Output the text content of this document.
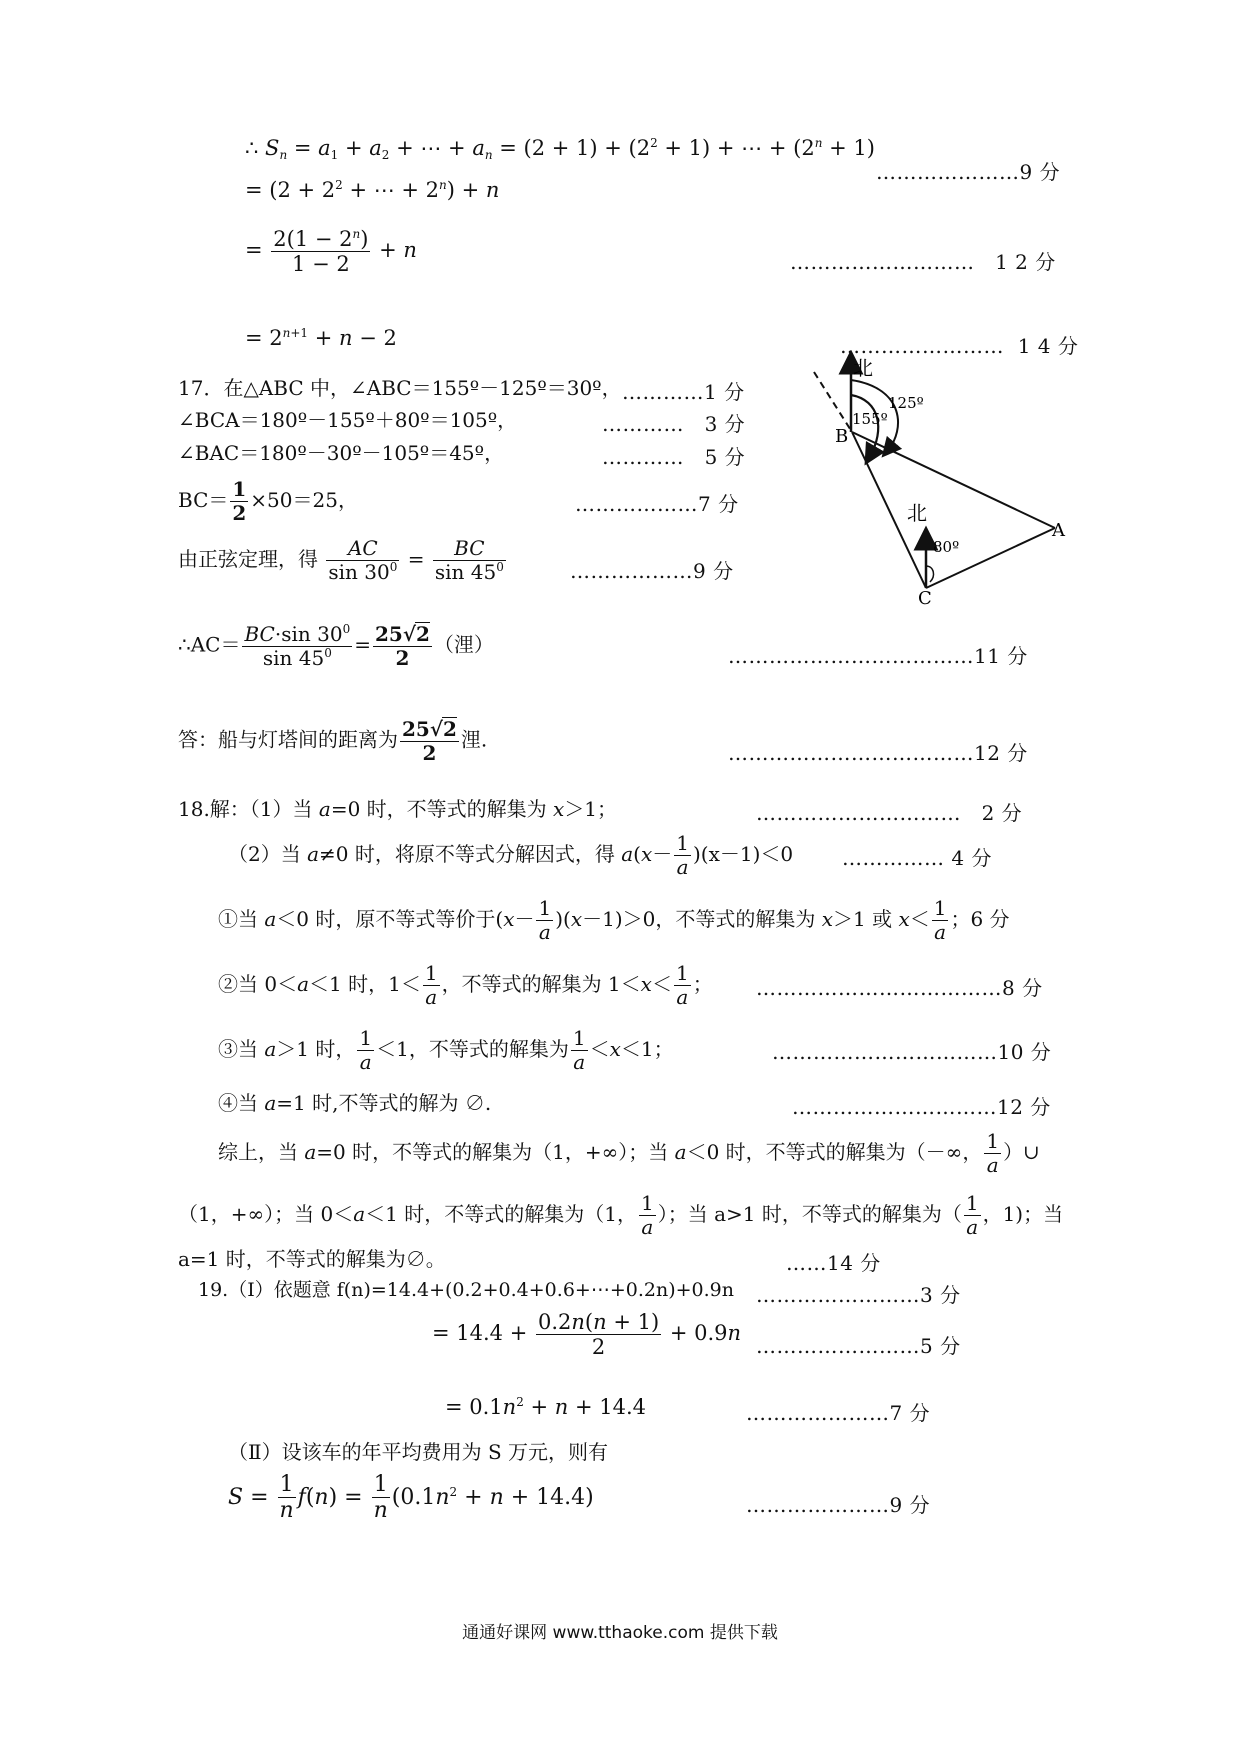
∴ $S_n = a_1 + a_2$ + ⋯ + $a_n = (2 + 1) + (2^2 + 1)$ + ⋯ + $(2^n + 1)$
…………………9 分
= ($2 + 2^2$ + ⋯ + $2^n) + n$
= $\frac{2(1 - 2^n)}{1 - 2} + n$	………………………   1 2 分
= $2^{n+1} + n - 2$	……………………  1 4 分
17．在△ABC 中，∠ABC＝155º－125º＝30º， …………1 分
∠BCA＝180º－155º＋80º＝105º，	…………   3 分
∠BAC＝180º－30º－105º＝45º，	…………   5 分
$BC= \frac{1}{2} \times 50=25$，	………………7 分
由正弦定理，得 $\frac{AC}{\sin 30^0} = \frac{BC}{\sin 45^0}$	………………9 分
∴AC＝ $\frac{BC\cdot\sin 30^0}{\sin 45^0} = \frac{25√2}{2}$ （浬）	………………………………11 分
答：船与灯塔间的距离为 $\frac{25√2}{2}$ 浬.
………………………………12 分
北
125º
155º
B
北
80º
A
C
18.解：（1）当 a=0 时，不等式的解集为 x＞1；	…………………………   2 分
（2）当 a≠0 时，将原不等式分解因式，得 $a(x- \frac{1}{a} )(x-1)<0$ …………… 4 分
①当 a＜0 时，原不等式等价于$(x- \frac{1}{a} )(x-1)>0$，不等式的解集为 x＞1 或 $x< \frac{1}{a}$ ；6 分
②当 0＜a＜1 时，$1< \frac{1}{a}$ ，不等式的解集为 $1<x< \frac{1}{a}$ ； ………………………………8 分
③当 a＞1 时， $\frac{1}{a} <1$，不等式的解集为 $\frac{1}{a} <x<1$；	……………………………10 分
④当 a=1 时,不等式的解为 ∅.	…………………………12 分
综上，当 a=0 时，不等式的解集为（1，+∞）；当 a＜0 时，不等式的解集为（－∞， $\frac{1}{a}$ ）∪
（1，+∞）；当 0＜a＜1 时，不等式的解集为（1， $\frac{1}{a}$ ）；当 a>1 时，不等式的解集为（ $\frac{1}{a}$ ，1)；当
a=1 时，不等式的解集为∅。	……14 分
19.（Ⅰ）依题意 f(n)=14.4+(0.2+0.4+0.6+⋯+0.2n)+0.9n ……………………3 分
= $14.4 + \frac{0.2n(n + 1)}{2} + 0.9n$
……………………5 分
= $0.1n^2 + n + 14.4$	…………………7 分
（Ⅱ）设该车的年平均费用为 S 万元，则有
$S = \frac{1}{n} f(n) = \frac{1}{n} (0.1n^2 + n + 14.4)$	…………………9 分
通通好课网 www.tthaoke.com 提供下载
